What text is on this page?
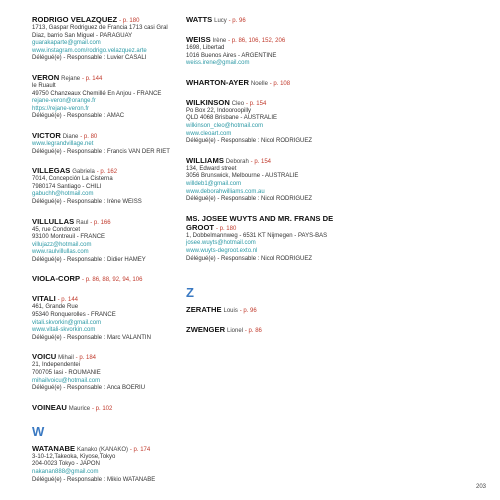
RODRIGO VELAZQUEZ - p. 180
1713, Gaspar Rodriguez de Francia 1713 casi Gral
Diaz, barrio San Miguel - PARAGUAY
guarakaparte@gmail.com
www.instagram.com/rodrigo.velazquez.arte
Délégué(e) - Responsable : Luvier CASALI
VERON Rejane - p. 144
le Ruault
49750 Chanzeaux Chemillé En Anjou - FRANCE
rejane-veron@orange.fr
https://rejane-veron.fr
Délégué(e) - Responsable : AMAC
VICTOR Diane - p. 80
www.legrandvillage.net
Délégué(e) - Responsable : Francis VAN DER RIET
VILLEGAS Gabriela - p. 162
7014, Concepción La Cisterna
7980174 Santiago - CHILI
gabuchh@hotmail.com
Délégué(e) - Responsable : Irène WEISS
VILLULLAS Raul - p. 166
45, rue Condorcet
93100 Montreuil - FRANCE
villujazz@hotmail.com
www.raulvillullas.com
Délégué(e) - Responsable : Didier HAMEY
VIOLA-CORP - p. 86, 88, 92, 94, 106
VITALI - p. 144
461, Grande Rue
95340 Ronquerolles - FRANCE
vitali.skvorkin@gmail.com
www.vitali-skvorkin.com
Délégué(e) - Responsable : Marc VALANTIN
VOICU Mihail - p. 184
21, Independentei
700705 Iasi - ROUMANIE
mihailvoicu@hotmail.com
Délégué(e) - Responsable : Anca BOERIU
VOINEAU Maurice - p. 102
W
WATANABE Kanako (KANAKO) - p. 174
3-10-12,Takeoka, Kiyose,Tokyo
204-0023 Tokyo - JAPON
nakanan888@gmail.com
Délégué(e) - Responsable : Mikio WATANABE
WATTS Lucy - p. 96
WEISS Irène - p. 86, 106, 152, 206
1698, Libertad
1016 Buenos Aires - ARGENTINE
weiss.irene@gmail.com
WHARTON-AYER Noelle - p. 108
WILKINSON Cleo - p. 154
Po Box 22, Indooroopilly
QLD 4068 Brisbane - AUSTRALIE
wilkinson_cleo@hotmail.com
www.cleoart.com
Délégué(e) - Responsable : Nicol RODRIGUEZ
WILLIAMS Deborah - p. 154
134, Edward street
3056 Brunswick, Melbourne - AUSTRALIE
willdeb1@gmail.com
www.deborahwilliams.com.au
Délégué(e) - Responsable : Nicol RODRIGUEZ
MS. JOSEE WUYTS AND MR. FRANS DE GROOT - p. 180
1, Dobbelmannweg - 6531 KT Nijmegen - PAYS-BAS
josee.wuyts@hotmail.com
www.wuyts-degroot.exto.nl
Délégué(e) - Responsable : Nicol RODRIGUEZ
Z
ZERATHE Louis - p. 96
ZWENGER Lionel - p. 86
203
